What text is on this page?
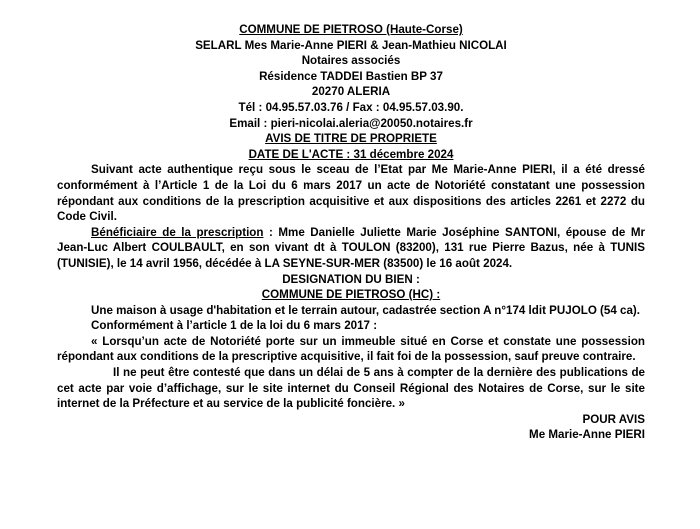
COMMUNE DE PIETROSO (Haute-Corse)
SELARL Mes Marie-Anne PIERI & Jean-Mathieu NICOLAI
Notaires associés
Résidence TADDEI Bastien BP 37
20270 ALERIA
Tél : 04.95.57.03.76 / Fax : 04.95.57.03.90.
Email : pieri-nicolai.aleria@20050.notaires.fr
AVIS DE TITRE DE PROPRIETE
DATE DE L'ACTE : 31 décembre 2024

Suivant acte authentique reçu sous le sceau de l’Etat par Me Marie-Anne PIERI, il a été dressé conformément à l’Article 1 de la Loi du 6 mars 2017 un acte de Notoriété constatant une possession répondant aux conditions de la prescription acquisitive et aux dispositions des articles 2261 et 2272 du Code Civil.

Bénéficiaire de la prescription : Mme Danielle Juliette Marie Joséphine SANTONI, épouse de Mr Jean-Luc Albert COULBAULT, en son vivant dt à TOULON (83200), 131 rue Pierre Bazus, née à TUNIS (TUNISIE), le 14 avril 1956, décédée à LA SEYNE-SUR-MER (83500) le 16 août 2024.

DESIGNATION DU BIEN :
COMMUNE DE PIETROSO (HC) :

Une maison à usage d'habitation et le terrain autour, cadastrée section A n°174 ldit PUJOLO (54 ca).

Conformément à l’article 1 de la loi du 6 mars 2017 :

« Lorsqu’un acte de Notoriété porte sur un immeuble situé en Corse et constate une possession répondant aux conditions de la prescriptive acquisitive, il fait foi de la possession, sauf preuve contraire.

Il ne peut être contesté que dans un délai de 5 ans à compter de la dernière des publications de cet acte par voie d’affichage, sur le site internet du Conseil Régional des Notaires de Corse, sur le site internet de la Préfecture et au service de la publicité foncière. »

POUR AVIS
Me Marie-Anne PIERI
